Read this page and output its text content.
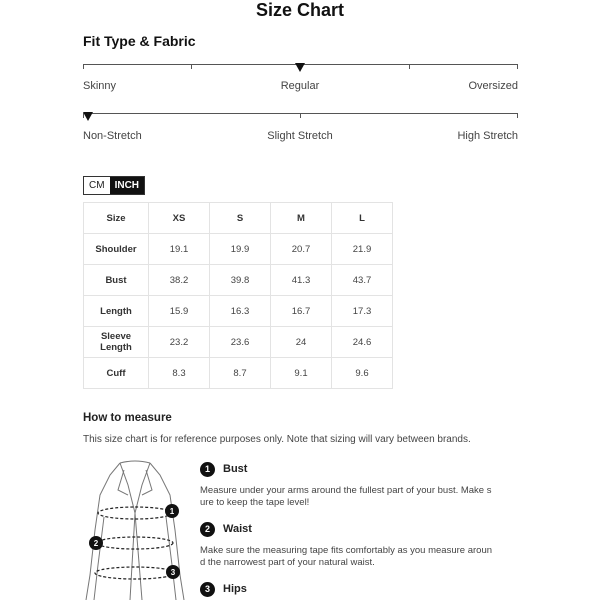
Size Chart
Fit Type & Fabric
Skinny	Regular	Oversized
Non-Stretch	Slight Stretch	High Stretch
CM	INCH
Size	XS	S	M	L
Shoulder	19.1	19.9	20.7	21.9
Bust	38.2	39.8	41.3	43.7
Length	15.9	16.3	16.7	17.3
Sleeve Length	23.2	23.6	24	24.6
Cuff	8.3	8.7	9.1	9.6
How to measure
This size chart is for reference purposes only. Note that sizing will vary between brands.
1
2
3
1	Bust
Measure under your arms around the fullest part of your bust. Make sure to keep the tape level!
2	Waist
Make sure the measuring tape fits comfortably as you measure around the narrowest part of your natural waist.
3	Hips
